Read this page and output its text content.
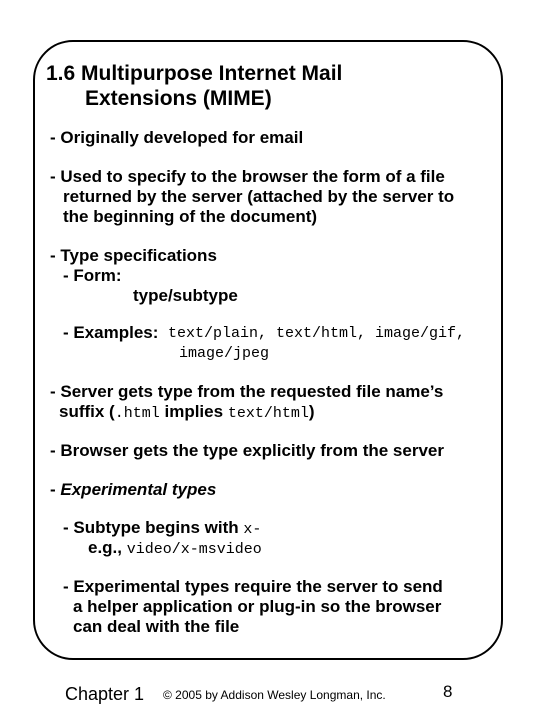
1.6 Multipurpose Internet Mail
Extensions (MIME)
- Originally developed for email
- Used to specify to the browser the form of a file
returned by the server (attached by the server to
the beginning of the document)
- Type specifications
- Form:
type/subtype
- Examples: text/plain, text/html, image/gif,
image/jpeg
- Server gets type from the requested file name’s
suffix (.html implies text/html)
- Browser gets the type explicitly from the server
- Experimental types
- Subtype begins with x-
e.g., video/x-msvideo
- Experimental types require the server to send
a helper application or plug-in so the browser
can deal with the file
Chapter 1 © 2005 by Addison Wesley Longman, Inc.	8
